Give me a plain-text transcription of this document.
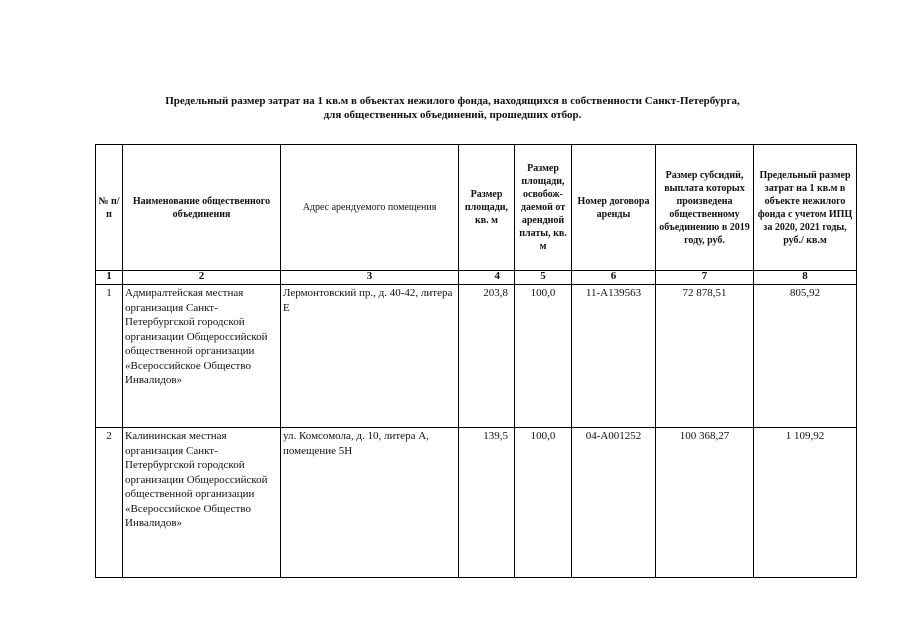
Предельный размер затрат на 1 кв.м в объектах нежилого фонда, находящихся в собственности Санкт-Петербурга,
для общественных объединений, прошедших отбор.
№ п/п	Наименование общественного объединения	Адрес арендуемого помещения	Размер площади, кв. м	Размер площади, освобож-даемой от арендной платы, кв. м	Номер договора аренды	Размер субсидий, выплата которых произведена общественному объединению в 2019 году, руб.	Предельный размер затрат на 1 кв.м в объекте нежилого фонда с учетом ИПЦ за 2020, 2021 годы, руб./ кв.м
1	2	3	4	5	6	7	8
1	Адмиралтейская местная организация Санкт-Петербургской городской организации Общероссийской общественной организации «Всероссийское Общество Инвалидов»	Лермонтовский пр., д. 40-42, литера Е	203,8	100,0	11-А139563	72 878,51	805,92
2	Калининская местная организация Санкт-Петербургской городской организации Общероссийской общественной организации «Всероссийское Общество Инвалидов»	ул. Комсомола, д. 10, литера А, помещение 5Н	139,5	100,0	04-А001252	100 368,27	1 109,92
